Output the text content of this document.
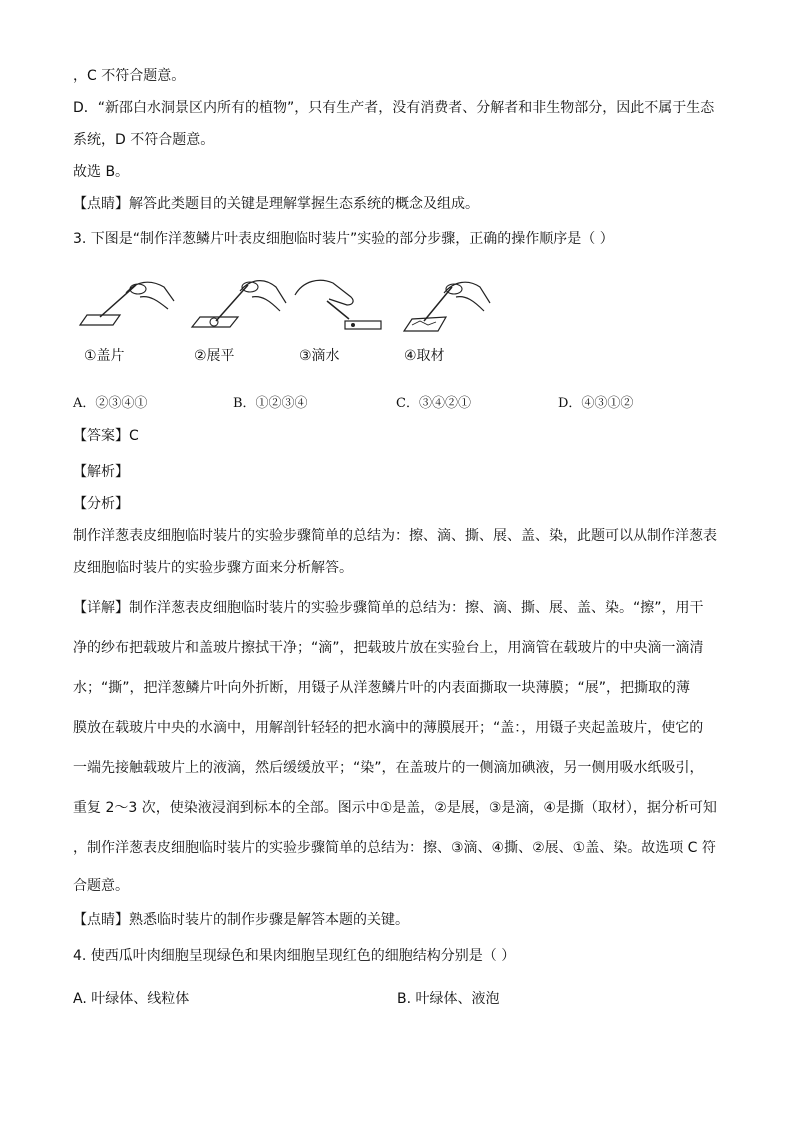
，C 不符合题意。
D．“新邵白水洞景区内所有的植物”，只有生产者，没有消费者、分解者和非生物部分，因此不属于生态
系统，D 不符合题意。
故选 B。
【点睛】解答此类题目的关键是理解掌握生态系统的概念及组成。
3. 下图是“制作洋葱鳞片叶表皮细胞临时装片”实验的部分步骤，正确的操作顺序是（ ）
①盖片	②展平	③滴水	④取材
A．②③④①	B．①②③④	C．③④②①	D．④③①②
【答案】C
【解析】
【分析】
制作洋葱表皮细胞临时装片的实验步骤简单的总结为：擦、滴、撕、展、盖、染，此题可以从制作洋葱表
皮细胞临时装片的实验步骤方面来分析解答。
【详解】制作洋葱表皮细胞临时装片的实验步骤简单的总结为：擦、滴、撕、展、盖、染。“擦”，用干
净的纱布把载玻片和盖玻片擦拭干净；“滴”，把载玻片放在实验台上，用滴管在载玻片的中央滴一滴清
水；“撕”，把洋葱鳞片叶向外折断，用镊子从洋葱鳞片叶的内表面撕取一块薄膜；“展”，把撕取的薄
膜放在载玻片中央的水滴中，用解剖针轻轻的把水滴中的薄膜展开；“盖：，用镊子夹起盖玻片，使它的
一端先接触载玻片上的液滴，然后缓缓放平；“染”，在盖玻片的一侧滴加碘液，另一侧用吸水纸吸引，
重复 2～3 次，使染液浸润到标本的全部。图示中①是盖，②是展，③是滴，④是撕（取材），据分析可知
，制作洋葱表皮细胞临时装片的实验步骤简单的总结为：擦、③滴、④撕、②展、①盖、染。故选项 C 符
合题意。
【点睛】熟悉临时装片的制作步骤是解答本题的关键。
4. 使西瓜叶肉细胞呈现绿色和果肉细胞呈现红色的细胞结构分别是（ ）
A. 叶绿体、线粒体	B. 叶绿体、液泡
